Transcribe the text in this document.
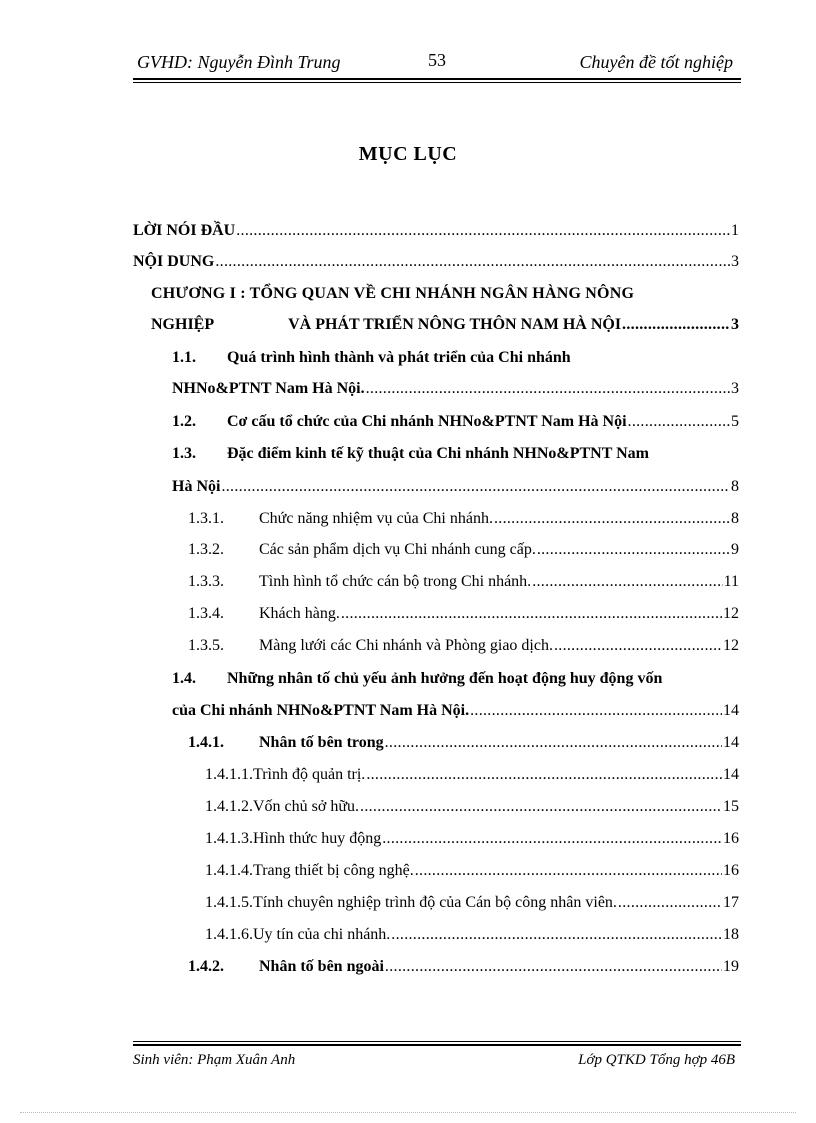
GVHD: Nguyễn Đình Trung	53	Chuyên đề tốt nghiệp
MỤC LỤC
LỜI NÓI ĐẦU .....	1
NỘI DUNG .....	3
CHƯƠNG I : TỔNG QUAN VỀ CHI NHÁNH NGÂN HÀNG NÔNG
NGHIỆP	VÀ PHÁT TRIỂN NÔNG THÔN NAM HÀ NỘI .....	3
1.1. Quá trình hình thành và phát triển của Chi nhánh
NHNo&PTNT Nam Hà Nội. .....	3
1.2.	Cơ cấu tổ chức của Chi nhánh NHNo&PTNT Nam Hà Nội .....	5
1.3. Đặc điểm kinh tế kỹ thuật của Chi nhánh NHNo&PTNT Nam
Hà Nội .....	8
1.3.1.	Chức năng nhiệm vụ của Chi nhánh. .....	8
1.3.2.	Các sản phẩm dịch vụ Chi nhánh cung cấp. .....	9
1.3.3.	Tình hình tổ chức cán bộ trong Chi nhánh. .....	11
1.3.4.	Khách hàng. .....	12
1.3.5.	Màng lưới các Chi nhánh và Phòng giao dịch. .....	12
1.4. Những nhân tố chủ yếu ảnh hưởng đến hoạt động huy động vốn
của Chi nhánh NHNo&PTNT Nam Hà Nội. .....	14
1.4.1.	Nhân tố bên trong .....	14
1.4.1.1.Trình độ quản trị. .....	14
1.4.1.2.Vốn chủ sở hữu. .....	15
1.4.1.3.Hình thức huy động .....	16
1.4.1.4.Trang thiết bị công nghệ. .....	16
1.4.1.5.Tính chuyên nghiệp trình độ của Cán bộ công nhân viên. .....	17
1.4.1.6.Uy tín của chi nhánh. .....	18
1.4.2.	Nhân tố bên ngoài .....	19
Sinh viên: Phạm Xuân Anh	Lớp QTKD Tổng hợp 46B
